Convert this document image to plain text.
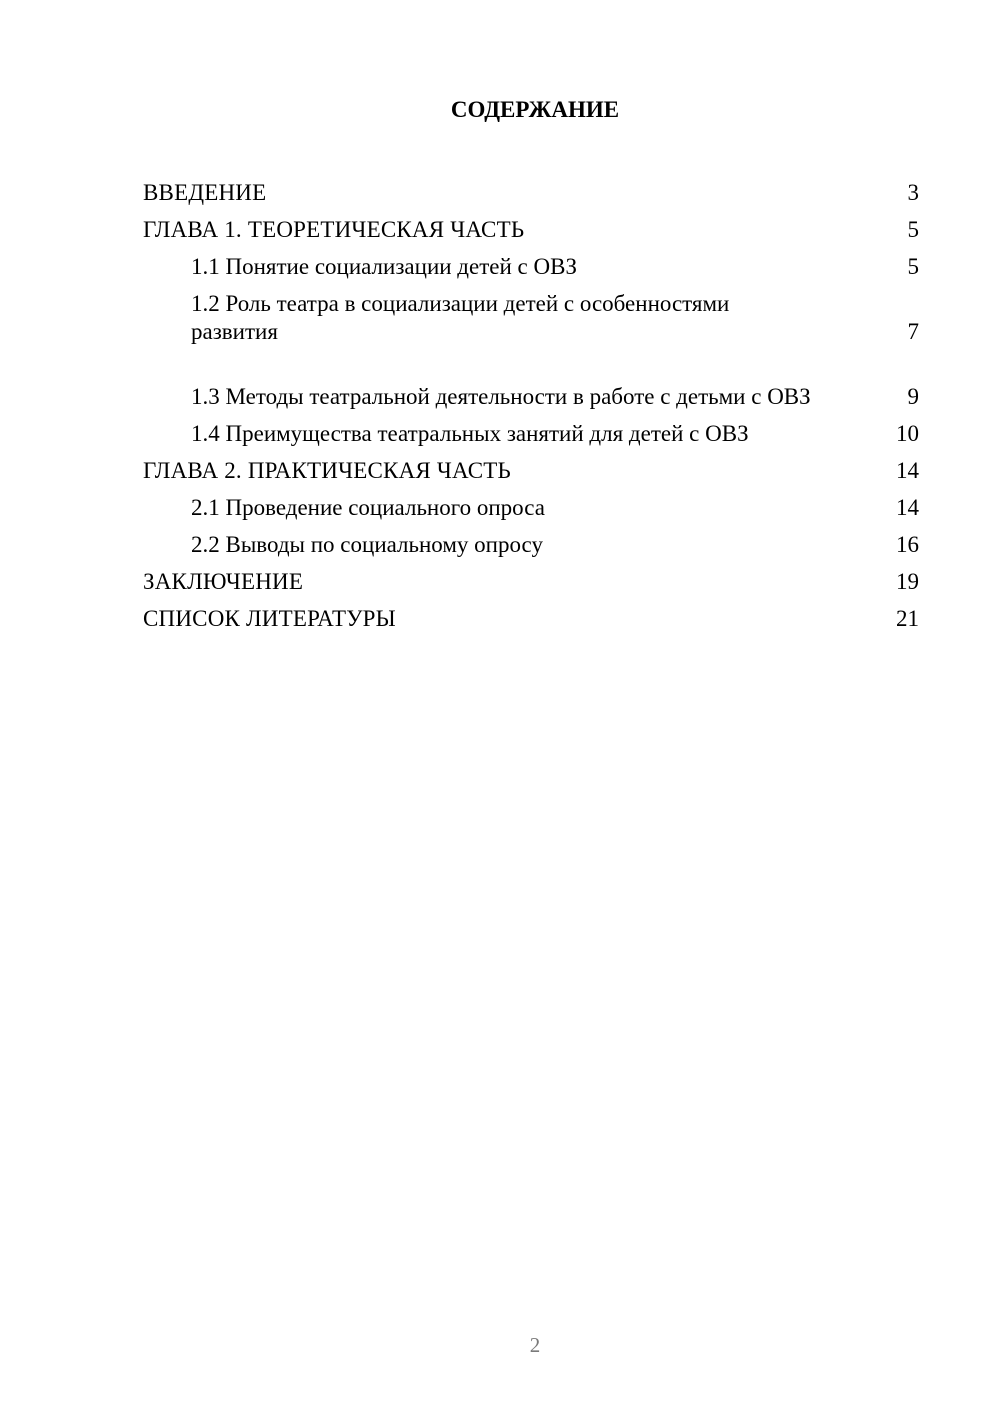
СОДЕРЖАНИЕ
ВВЕДЕНИЕ	3
ГЛАВА 1. ТЕОРЕТИЧЕСКАЯ ЧАСТЬ	5
1.1 Понятие социализации детей с ОВЗ	5
1.2 Роль театра в социализации детей с особенностями развития	7
1.3 Методы театральной деятельности в работе с детьми с ОВЗ	9
1.4 Преимущества театральных занятий для детей с ОВЗ	10
ГЛАВА 2. ПРАКТИЧЕСКАЯ ЧАСТЬ	14
2.1 Проведение социального опроса	14
2.2 Выводы по социальному опросу	16
ЗАКЛЮЧЕНИЕ	19
СПИСОК ЛИТЕРАТУРЫ	21
2
